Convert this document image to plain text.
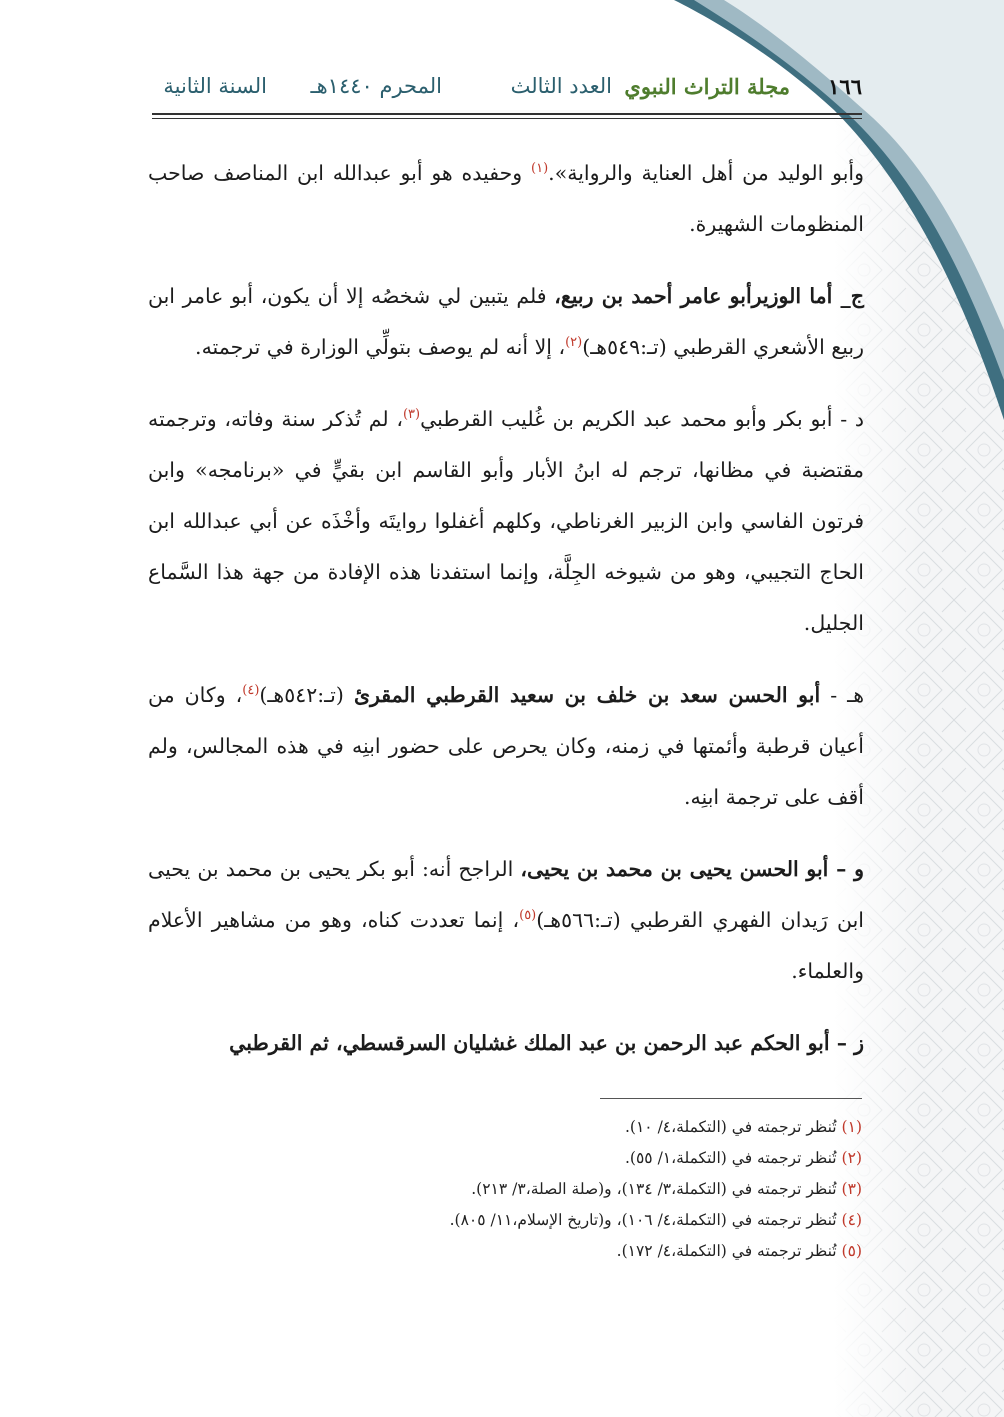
١٦٦
مجلة التراث النبوي
العدد الثالث
المحرم ١٤٤٠هـ
السنة الثانية

وأبو الوليد من أهل العناية والرواية».$^{(١)}$ وحفيده هو أبو عبدالله ابن المناصف صاحب المنظومات الشهيرة.

ج_ أما الوزيرأبو عامر أحمد بن ربيع، فلم يتبين لي شخصُه إلا أن يكون، أبو عامر ابن ربيع الأشعري القرطبي (تـ:٥٤٩هـ)$^{(٢)}$، إلا أنه لم يوصف بتولِّي الوزارة في ترجمته.

د - أبو بكر وأبو محمد عبد الكريم بن غُليب القرطبي$^{(٣)}$، لم تُذكر سنة وفاته، وترجمته مقتضبة في مظانها، ترجم له ابنُ الأبار وأبو القاسم ابن بقيٍّ في «برنامجه» وابن فرتون الفاسي وابن الزبير الغرناطي، وكلهم أغفلوا روايتَه وأخْذَه عن أبي عبدالله ابن الحاج التجيبي، وهو من شيوخه الجِلَّة، وإنما استفدنا هذه الإفادة من جهة هذا السَّماع الجليل.

هـ - أبو الحسن سعد بن خلف بن سعيد القرطبي المقرئ (تـ:٥٤٢هـ)$^{(٤)}$، وكان من أعيان قرطبة وأئمتها في زمنه، وكان يحرص على حضور ابنِه في هذه المجالس، ولم أقف على ترجمة ابنِه.

و – أبو الحسن يحيى بن محمد بن يحيى، الراجح أنه: أبو بكر يحيى بن محمد بن يحيى ابن رَيدان الفهري القرطبي (تـ:٥٦٦هـ)$^{(٥)}$، إنما تعددت كناه، وهو من مشاهير الأعلام والعلماء.

ز – أبو الحكم عبد الرحمن بن عبد الملك غشليان السرقسطي، ثم القرطبي

(١) تُنظر ترجمته في (التكملة،٤/ ١٠).
(٢) تُنظر ترجمته في (التكملة،١/ ٥٥).
(٣) تُنظر ترجمته في (التكملة،٣/ ١٣٤)، و(صلة الصلة،٣/ ٢١٣).
(٤) تُنظر ترجمته في (التكملة،٤/ ١٠٦)، و(تاريخ الإسلام،١١/ ٨٠٥).
(٥) تُنظر ترجمته في (التكملة،٤/ ١٧٢).
